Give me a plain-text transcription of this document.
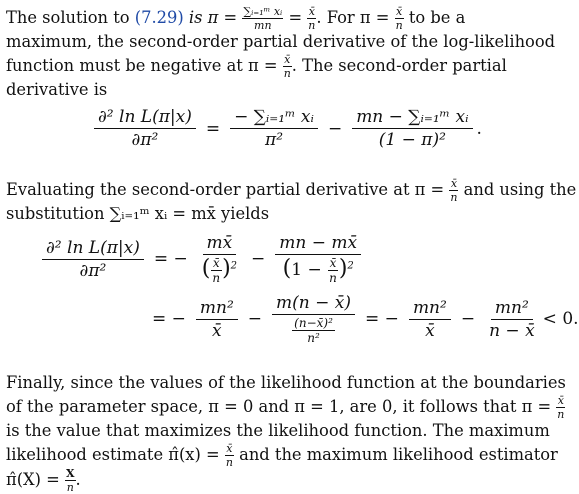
The solution to (7.29) is $\pi = \frac{\text{∑ᵢ₌₁ᵐ xᵢ}}{mn} = \frac{x̄}{n}$ . For $\pi = \frac{x̄}{n}$ to be a
maximum, the second-order partial derivative of the log-likelihood
function must be negative at $\pi = \frac{x̄}{n}$ . The second-order partial
derivative is
$\frac{\text{∂² ln L(π|x)}}{\text{∂π²}} = \frac{\text{− ∑ᵢ₌₁ᵐ xᵢ}}{\text{π²}} - \frac{\text{mn − ∑ᵢ₌₁ᵐ xᵢ}}{\text{(1 − π)²}}$ .
Evaluating the second-order partial derivative at $\pi = \frac{x̄}{n}$ and using the
substitution ∑ᵢ₌₁ᵐ xᵢ = mx̄ yields
$\frac{\text{∂² ln L(π|x)}}{\text{∂π²}}$ = − $\frac{mx̄}{( \frac{x̄}{n} )^2} - \frac{mn - mx̄}{(1 - \frac{x̄}{n} )^2}$
= − $\frac{\text{mn²}}{x̄} - \frac{m(n - x̄)}{\frac{\text{(n−x̄)²}}{\text{n²}}}$ = − $\frac{\text{mn²}}{x̄} - \frac{\text{mn²}}{n - x̄} < 0$.
Finally, since the values of the likelihood function at the boundaries
of the parameter space, π = 0 and π = 1, are 0, it follows that $\pi = \frac{x̄}{n}$
is the value that maximizes the likelihood function. The maximum
likelihood estimate π̂(x) = $\frac{x̄}{n}$ and the maximum likelihood estimator
π̂(X) = $\frac{X}{n}$ .
